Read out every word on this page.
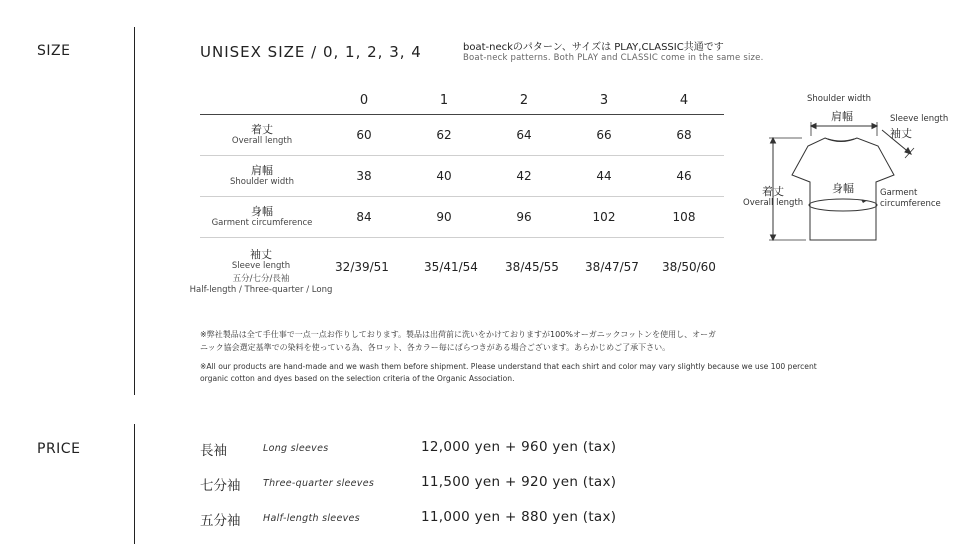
SIZE	UNISEX SIZE / 0, 1, 2, 3, 4	boat-neckのパターン、サイズは PLAY,CLASSIC共通です
Boat-neck patterns. Both PLAY and CLASSIC come in the same size.
	0	1	2	3	4

着丈
Overall length	60	62	64	66	68

肩幅
Shoulder width	38	40	42	44	46

身幅
Garment circumference	84	90	96	102	108
袖丈
Sleeve length
五分/七分/長袖
Half-length / Three-quarter / Long
32/39/51	35/41/54	38/45/55	38/47/57	38/50/60
Shoulder width
肩幅	Sleeve length
袖丈
着丈
Overall length
身幅	Garment
circumference
※弊社製品は全て手仕事で一点一点お作りしております。製品は出荷前に洗いをかけておりますが100%オーガニックコットンを使用し、オーガ
ニック協会選定基準での染料を使っている為、各ロット、各カラー毎にばらつきがある場合ございます。あらかじめご了承下さい。
※All our products are hand-made and we wash them before shipment. Please understand that each shirt and color may vary slightly because we use 100 percent
organic cotton and dyes based on the selection criteria of the Organic Association.
PRICE	長袖	Long sleeves	12,000 yen + 960 yen (tax)
七分袖 Three-quarter sleeves	11,500 yen + 920 yen (tax)
五分袖 Half-length sleeves	11,000 yen + 880 yen (tax)
